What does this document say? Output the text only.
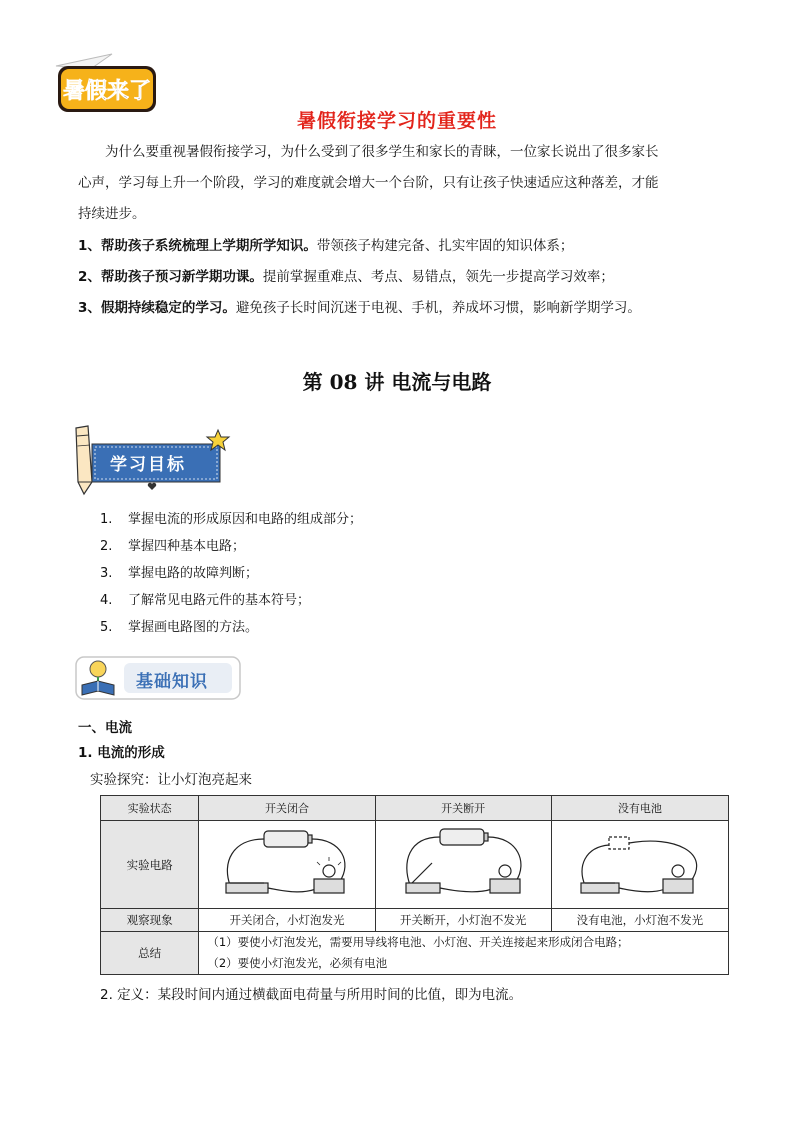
暑假来了
暑假衔接学习的重要性

为什么要重视暑假衔接学习，为什么受到了很多学生和家长的青睐，一位家长说出了很多家长

心声，学习每上升一个阶段，学习的难度就会增大一个台阶，只有让孩子快速适应这种落差，才能

持续进步。

1、帮助孩子系统梳理上学期所学知识。带领孩子构建完备、扎实牢固的知识体系；
2、帮助孩子预习新学期功课。提前掌握重难点、考点、易错点，领先一步提高学习效率；
3、假期持续稳定的学习。避免孩子长时间沉迷于电视、手机，养成坏习惯，影响新学期学习。
第 08 讲 电流与电路
学习目标
1.	掌握电流的形成原因和电路的组成部分；
2.	掌握四种基本电路；
3.	掌握电路的故障判断；
4.	了解常见电路元件的基本符号；
5.	掌握画电路图的方法。
基础知识
一、电流
1. 电流的形成
实验探究：让小灯泡亮起来
实验状态	开关闭合	开关断开	没有电池
实验电路			
观察现象	开关闭合，小灯泡发光	开关断开，小灯泡不发光	没有电池，小灯泡不发光
总结	（1）要使小灯泡发光，需要用导线将电池、小灯泡、开关连接起来形成闭合电路；
（2）要使小灯泡发光，必须有电池		
2. 定义：某段时间内通过横截面电荷量与所用时间的比值，即为电流。
